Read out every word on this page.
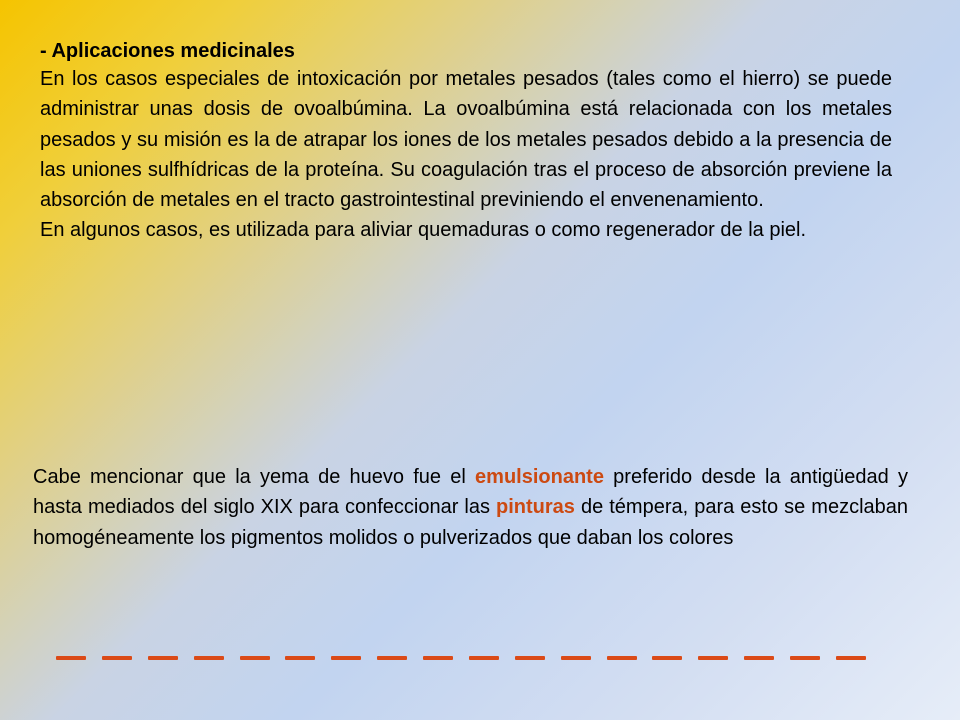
- Aplicaciones medicinales

En los casos especiales de intoxicación por metales pesados (tales como el hierro) se puede administrar unas dosis de ovoalbúmina. La ovoalbúmina está relacionada con los metales pesados y su misión es la de atrapar los iones de los metales pesados debido a la presencia de las uniones sulfhídricas de la proteína. Su coagulación tras el proceso de absorción previene la absorción de metales en el tracto gastrointestinal previniendo el envenenamiento.

En algunos casos, es utilizada para aliviar quemaduras o como regenerador de la piel.

Cabe mencionar que la yema de huevo fue el emulsionante preferido desde la antigüedad y hasta mediados del siglo XIX para confeccionar las pinturas de témpera, para esto se mezclaban homogéneamente los pigmentos molidos o pulverizados que daban los colores
